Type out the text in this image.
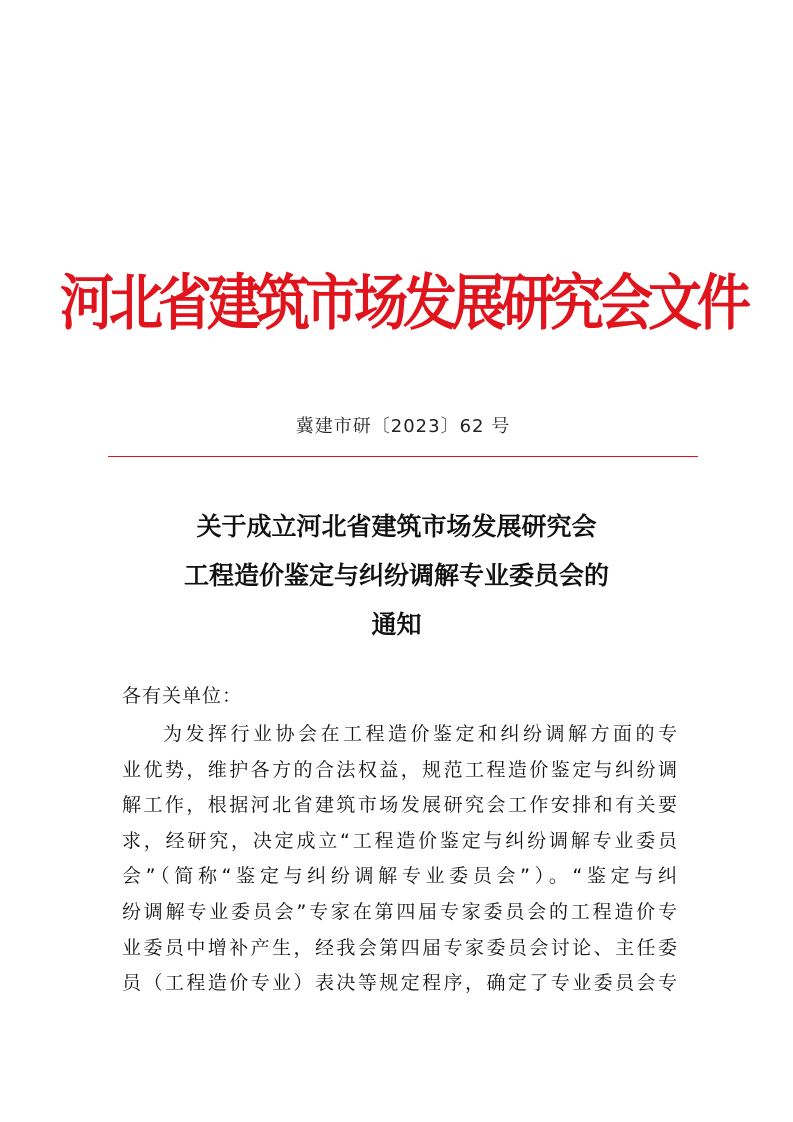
河北省建筑市场发展研究会文件
冀建市研〔2023〕62 号
关于成立河北省建筑市场发展研究会
工程造价鉴定与纠纷调解专业委员会的
通知
各有关单位：
为发挥行业协会在工程造价鉴定和纠纷调解方面的专
业优势，维护各方的合法权益，规范工程造价鉴定与纠纷调
解工作，根据河北省建筑市场发展研究会工作安排和有关要
求，经研究，决定成立“工程造价鉴定与纠纷调解专业委员
会”（简称“鉴定与纠纷调解专业委员会”）。“鉴定与纠
纷调解专业委员会”专家在第四届专家委员会的工程造价专
业委员中增补产生，经我会第四届专家委员会讨论、主任委
员（工程造价专业）表决等规定程序，确定了专业委员会专
